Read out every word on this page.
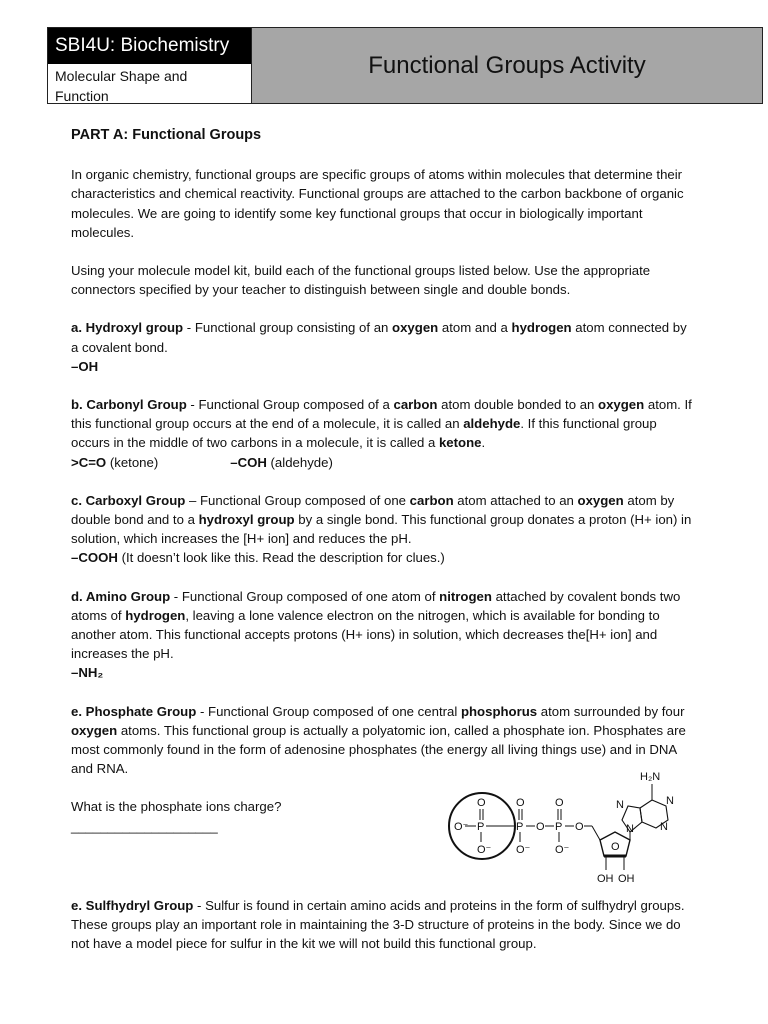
SBI4U: Biochemistry
Molecular Shape and Function
Functional Groups Activity

PART A: Functional Groups

In organic chemistry, functional groups are specific groups of atoms within molecules that determine their characteristics and chemical reactivity. Functional groups are attached to the carbon backbone of organic molecules. We are going to identify some key functional groups that occur in biologically important molecules.

Using your molecule model kit, build each of the functional groups listed below. Use the appropriate connectors specified by your teacher to distinguish between single and double bonds.

a. Hydroxyl group - Functional group consisting of an oxygen atom and a hydrogen atom connected by a covalent bond.

–OH

b. Carbonyl Group - Functional Group composed of a carbon atom double bonded to an oxygen atom. If this functional group occurs at the end of a molecule, it is called an aldehyde. If this functional group occurs in the middle of two carbons in a molecule, it is called a ketone.

>C=O (ketone)	–COH (aldehyde)

c. Carboxyl Group – Functional Group composed of one carbon atom attached to an oxygen atom by double bond and to a hydroxyl group by a single bond. This functional group donates a proton (H+ ion) in solution, which increases the [H+ ion] and reduces the pH.

–COOH (It doesn’t look like this. Read the description for clues.)

d. Amino Group - Functional Group composed of one atom of nitrogen attached by covalent bonds two atoms of hydrogen, leaving a lone valence electron on the nitrogen, which is available for bonding to another atom. This functional accepts protons (H+ ions) in solution, which decreases the[H+ ion] and increases the pH.

–NH₂

e. Phosphate Group - Functional Group composed of one central phosphorus atom surrounded by four oxygen atoms. This functional group is actually a polyatomic ion, called a phosphate ion. Phosphates are most commonly found in the form of adenosine phosphates (the energy all living things use) and in DNA and RNA.

What is the phosphate ions charge?

____________________

e. Sulfhydryl Group - Sulfur is found in certain amino acids and proteins in the form of sulfhydryl groups. These groups play an important role in maintaining the 3-D structure of proteins in the body. Since we do not have a model piece for sulfur in the kit we will not build this functional group.

O
O⁻ P
O⁻
O
P
O⁻
O
O
P
O⁻
O
O
N
N	N
N
H₂N
OH OH
